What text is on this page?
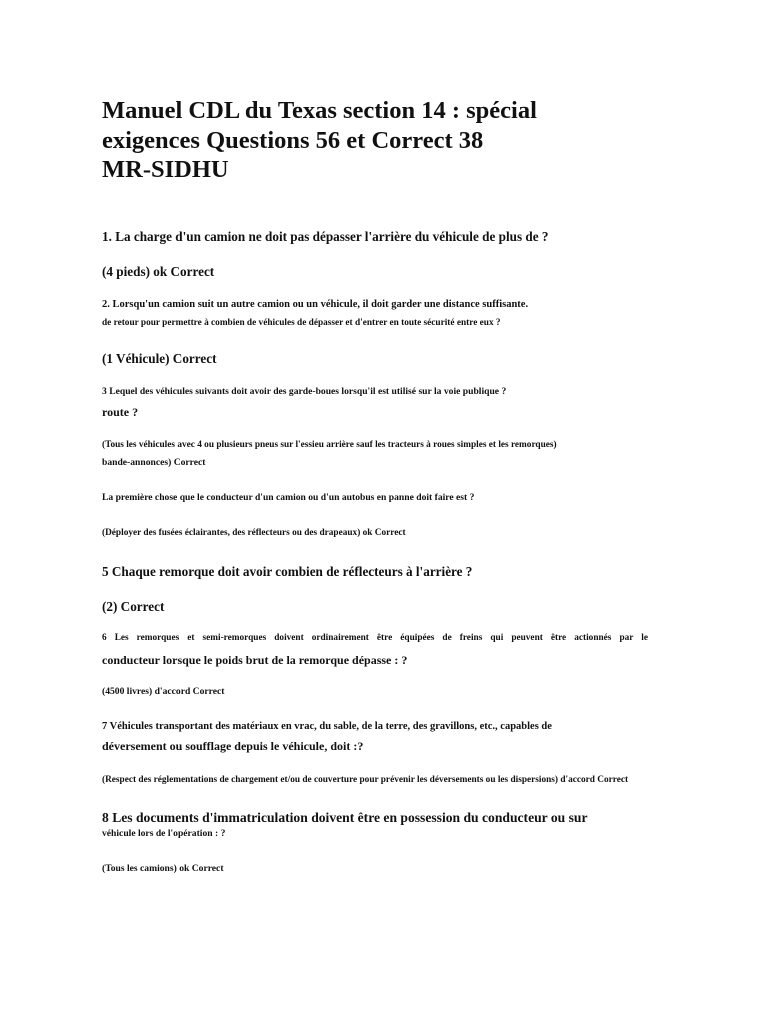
Manuel CDL du Texas section 14 : spécial
exigences Questions 56 et Correct 38
MR-SIDHU

1. La charge d'un camion ne doit pas dépasser l'arrière du véhicule de plus de ?

(4 pieds) ok Correct

2. Lorsqu'un camion suit un autre camion ou un véhicule, il doit garder une distance suffisante.

de retour pour permettre à combien de véhicules de dépasser et d'entrer en toute sécurité entre eux ?

(1 Véhicule) Correct

3 Lequel des véhicules suivants doit avoir des garde-boues lorsqu'il est utilisé sur la voie publique ?

route ?

(Tous les véhicules avec 4 ou plusieurs pneus sur l'essieu arrière sauf les tracteurs à roues simples et les remorques)

bande-annonces) Correct

La première chose que le conducteur d'un camion ou d'un autobus en panne doit faire est ?

(Déployer des fusées éclairantes, des réflecteurs ou des drapeaux) ok Correct

5 Chaque remorque doit avoir combien de réflecteurs à l'arrière ?

(2) Correct

6 Les remorques et semi-remorques doivent ordinairement être équipées de freins qui peuvent être actionnés par le

conducteur lorsque le poids brut de la remorque dépasse : ?

(4500 livres) d'accord Correct

7 Véhicules transportant des matériaux en vrac, du sable, de la terre, des gravillons, etc., capables de

déversement ou soufflage depuis le véhicule, doit :?

(Respect des réglementations de chargement et/ou de couverture pour prévenir les déversements ou les dispersions) d'accord Correct

8 Les documents d'immatriculation doivent être en possession du conducteur ou sur

véhicule lors de l'opération : ?

(Tous les camions) ok Correct
